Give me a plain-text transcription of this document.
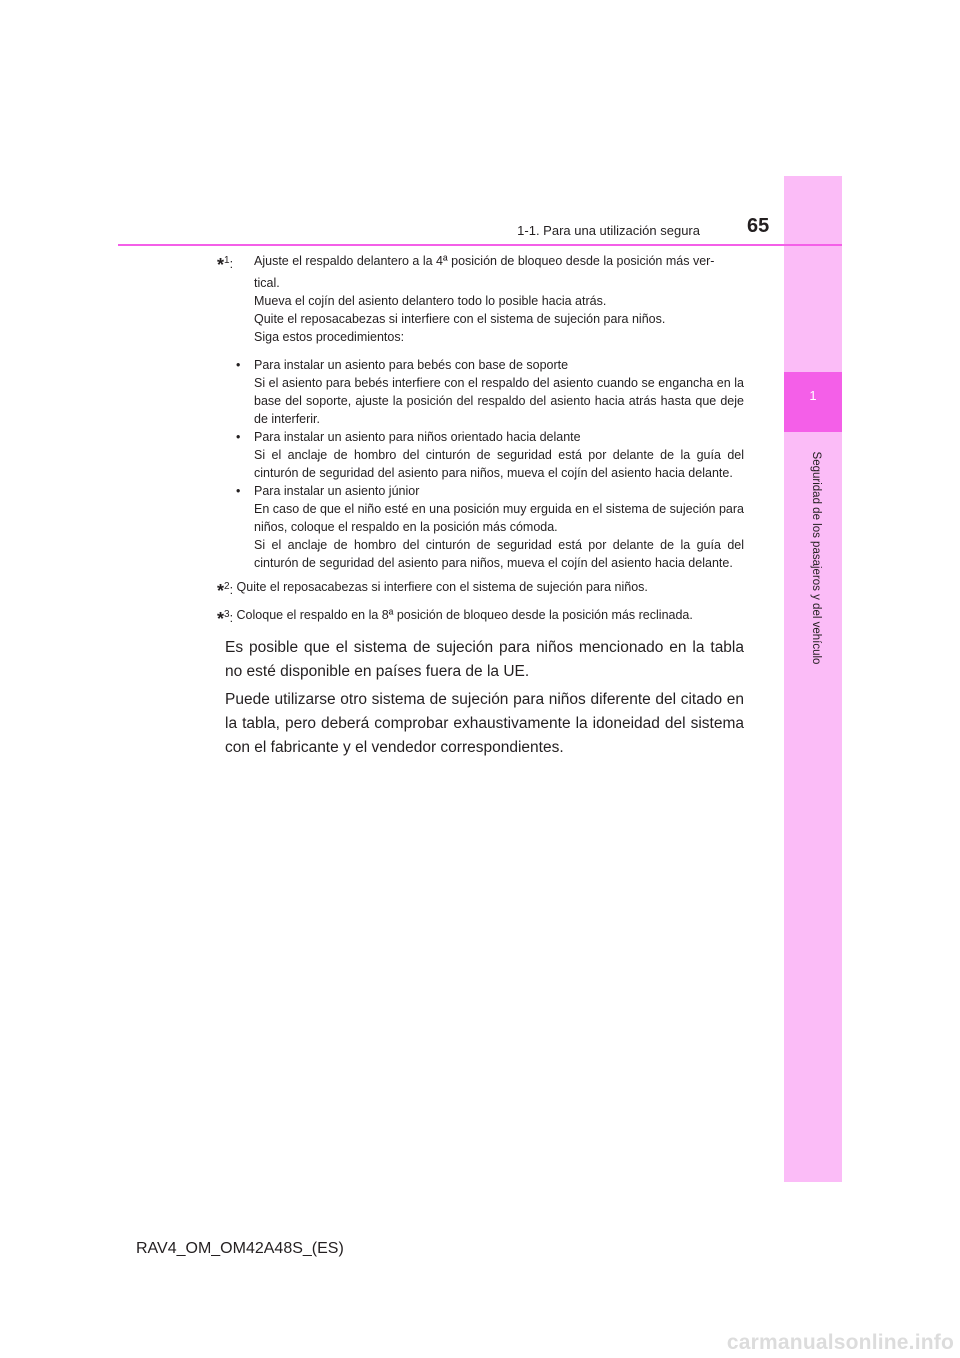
1
Seguridad de los pasajeros y del vehículo
1-1. Para una utilización segura 65
*$^1$:	Ajuste el respaldo delantero a la 4ª posición de bloqueo desde la posición más ver-
tical.
Mueva el cojín del asiento delantero todo lo posible hacia atrás.
Quite el reposacabezas si interfiere con el sistema de sujeción para niños.
Siga estos procedimientos:
•	Para instalar un asiento para bebés con base de soporte
Si el asiento para bebés interfiere con el respaldo del asiento cuando se engancha en la base del soporte, ajuste la posición del respaldo del asiento hacia atrás hasta que deje de interferir.
•	Para instalar un asiento para niños orientado hacia delante
Si el anclaje de hombro del cinturón de seguridad está por delante de la guía del cinturón de seguridad del asiento para niños, mueva el cojín del asiento hacia delante.
•	Para instalar un asiento júnior
En caso de que el niño esté en una posición muy erguida en el sistema de sujeción para niños, coloque el respaldo en la posición más cómoda.
Si el anclaje de hombro del cinturón de seguridad está por delante de la guía del cinturón de seguridad del asiento para niños, mueva el cojín del asiento hacia delante.
*$^2$: Quite el reposacabezas si interfiere con el sistema de sujeción para niños.
*$^3$: Coloque el respaldo en la 8ª posición de bloqueo desde la posición más reclinada.
Es posible que el sistema de sujeción para niños mencionado en la tabla no esté disponible en países fuera de la UE.
Puede utilizarse otro sistema de sujeción para niños diferente del citado en la tabla, pero deberá comprobar exhaustivamente la idoneidad del sistema con el fabricante y el vendedor correspondientes.
RAV4_OM_OM42A48S_(ES)
carmanualsonline.info
